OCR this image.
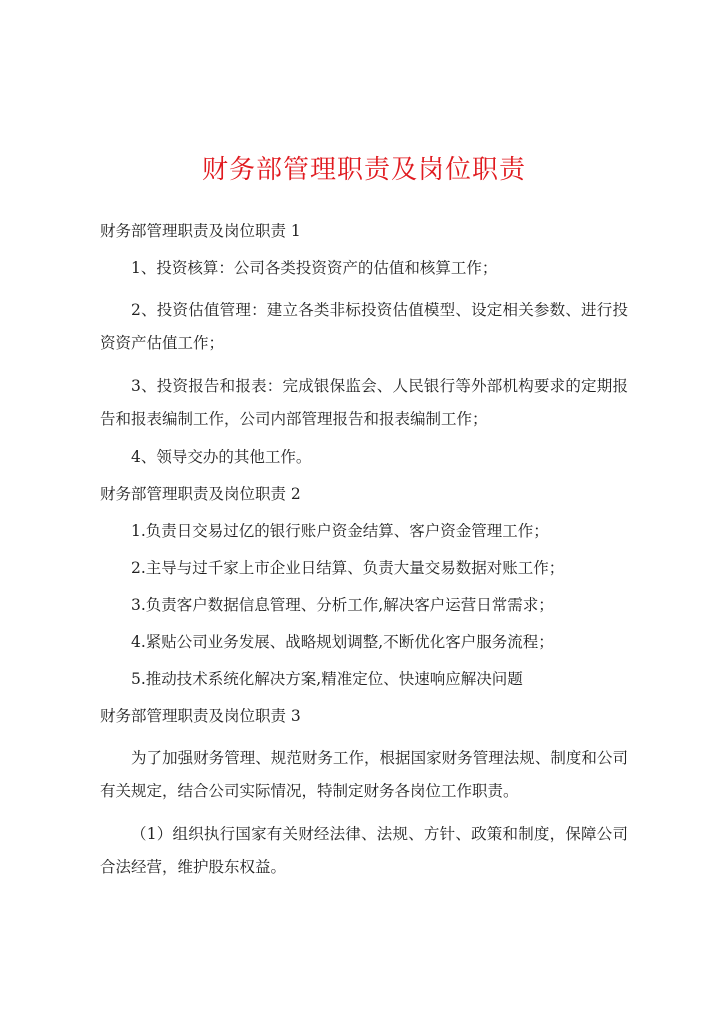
财务部管理职责及岗位职责

财务部管理职责及岗位职责 1

1、投资核算：公司各类投资资产的估值和核算工作；

2、投资估值管理：建立各类非标投资估值模型、设定相关参数、进行投资资产估值工作；

3、投资报告和报表：完成银保监会、人民银行等外部机构要求的定期报告和报表编制工作，公司内部管理报告和报表编制工作；

4、领导交办的其他工作。

财务部管理职责及岗位职责 2

1.负责日交易过亿的银行账户资金结算、客户资金管理工作；

2.主导与过千家上市企业日结算、负责大量交易数据对账工作；

3.负责客户数据信息管理、分析工作,解决客户运营日常需求；

4.紧贴公司业务发展、战略规划调整,不断优化客户服务流程；

5.推动技术系统化解决方案,精准定位、快速响应解决问题

财务部管理职责及岗位职责 3

为了加强财务管理、规范财务工作，根据国家财务管理法规、制度和公司有关规定，结合公司实际情况，特制定财务各岗位工作职责。

（1）组织执行国家有关财经法律、法规、方针、政策和制度，保障公司合法经营，维护股东权益。
